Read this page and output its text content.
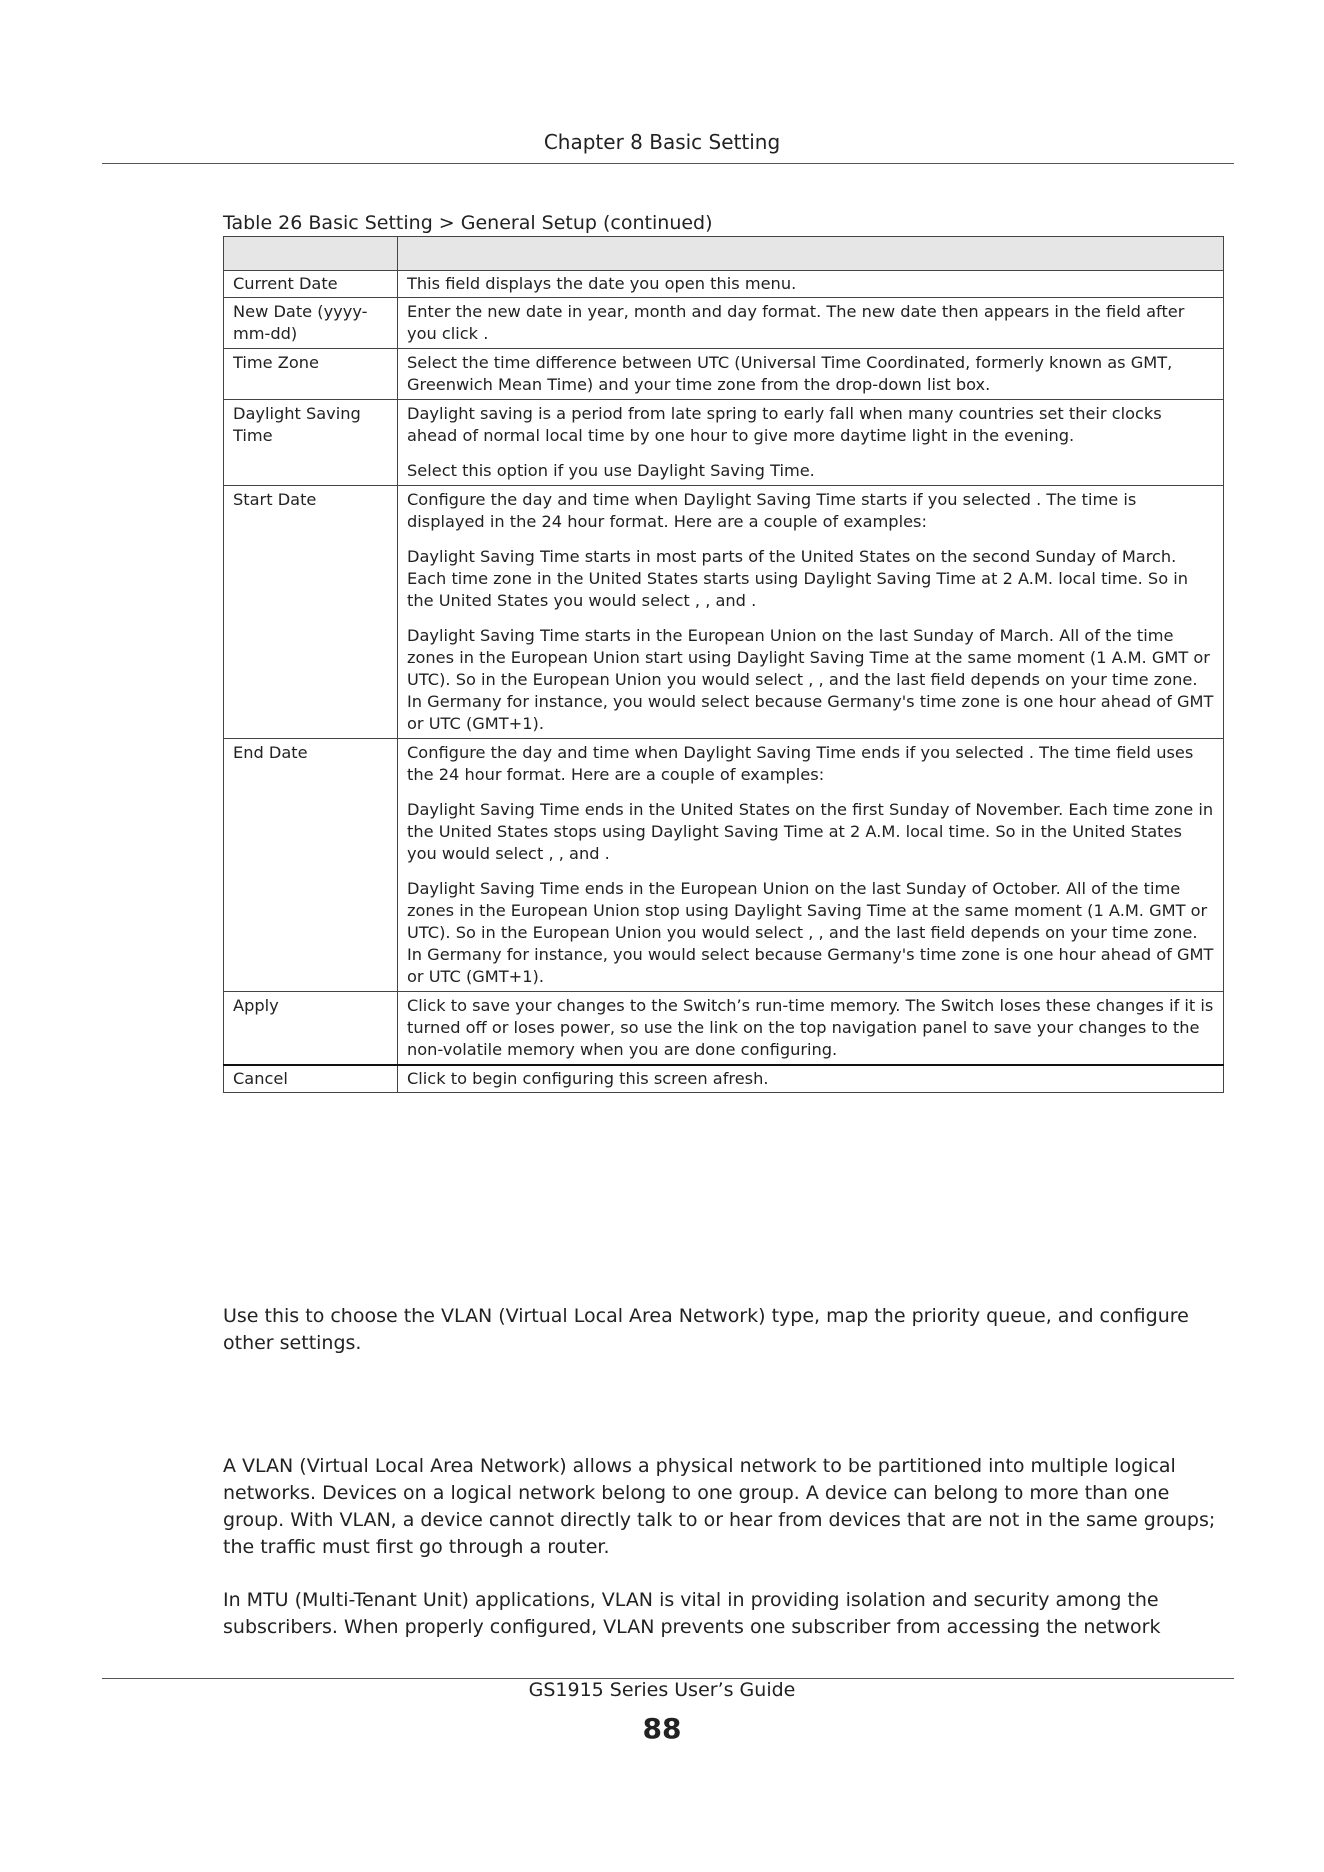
Chapter 8 Basic Setting
Table 26 Basic Setting > General Setup (continued)

Current Date	This field displays the date you open this menu.

New Date (yyyy-mm-dd)	Enter the new date in year, month and day format. The new date then appears in the field after you click .

Time Zone	Select the time difference between UTC (Universal Time Coordinated, formerly known as GMT, Greenwich Mean Time) and your time zone from the drop-down list box.

Daylight Saving Time	Daylight saving is a period from late spring to early fall when many countries set their clocks ahead of normal local time by one hour to give more daytime light in the evening.

Select this option if you use Daylight Saving Time.

Start Date	Configure the day and time when Daylight Saving Time starts if you selected . The time is displayed in the 24 hour format. Here are a couple of examples:

Daylight Saving Time starts in most parts of the United States on the second Sunday of March. Each time zone in the United States starts using Daylight Saving Time at 2 A.M. local time. So in the United States you would select , , and .

Daylight Saving Time starts in the European Union on the last Sunday of March. All of the time zones in the European Union start using Daylight Saving Time at the same moment (1 A.M. GMT or UTC). So in the European Union you would select , , and the last field depends on your time zone. In Germany for instance, you would select because Germany's time zone is one hour ahead of GMT or UTC (GMT+1).

End Date	Configure the day and time when Daylight Saving Time ends if you selected . The time field uses the 24 hour format. Here are a couple of examples:

Daylight Saving Time ends in the United States on the first Sunday of November. Each time zone in the United States stops using Daylight Saving Time at 2 A.M. local time. So in the United States you would select , , and .

Daylight Saving Time ends in the European Union on the last Sunday of October. All of the time zones in the European Union stop using Daylight Saving Time at the same moment (1 A.M. GMT or UTC). So in the European Union you would select , , and the last field depends on your time zone. In Germany for instance, you would select because Germany's time zone is one hour ahead of GMT or UTC (GMT+1).

Apply	Click to save your changes to the Switch’s run-time memory. The Switch loses these changes if it is turned off or loses power, so use the link on the top navigation panel to save your changes to the non-volatile memory when you are done configuring.

Cancel	Click to begin configuring this screen afresh.

Use this to choose the VLAN (Virtual Local Area Network) type, map the priority queue, and configure other settings.

A VLAN (Virtual Local Area Network) allows a physical network to be partitioned into multiple logical networks. Devices on a logical network belong to one group. A device can belong to more than one group. With VLAN, a device cannot directly talk to or hear from devices that are not in the same groups; the traffic must first go through a router.

In MTU (Multi-Tenant Unit) applications, VLAN is vital in providing isolation and security among the subscribers. When properly configured, VLAN prevents one subscriber from accessing the network

GS1915 Series User’s Guide
88
